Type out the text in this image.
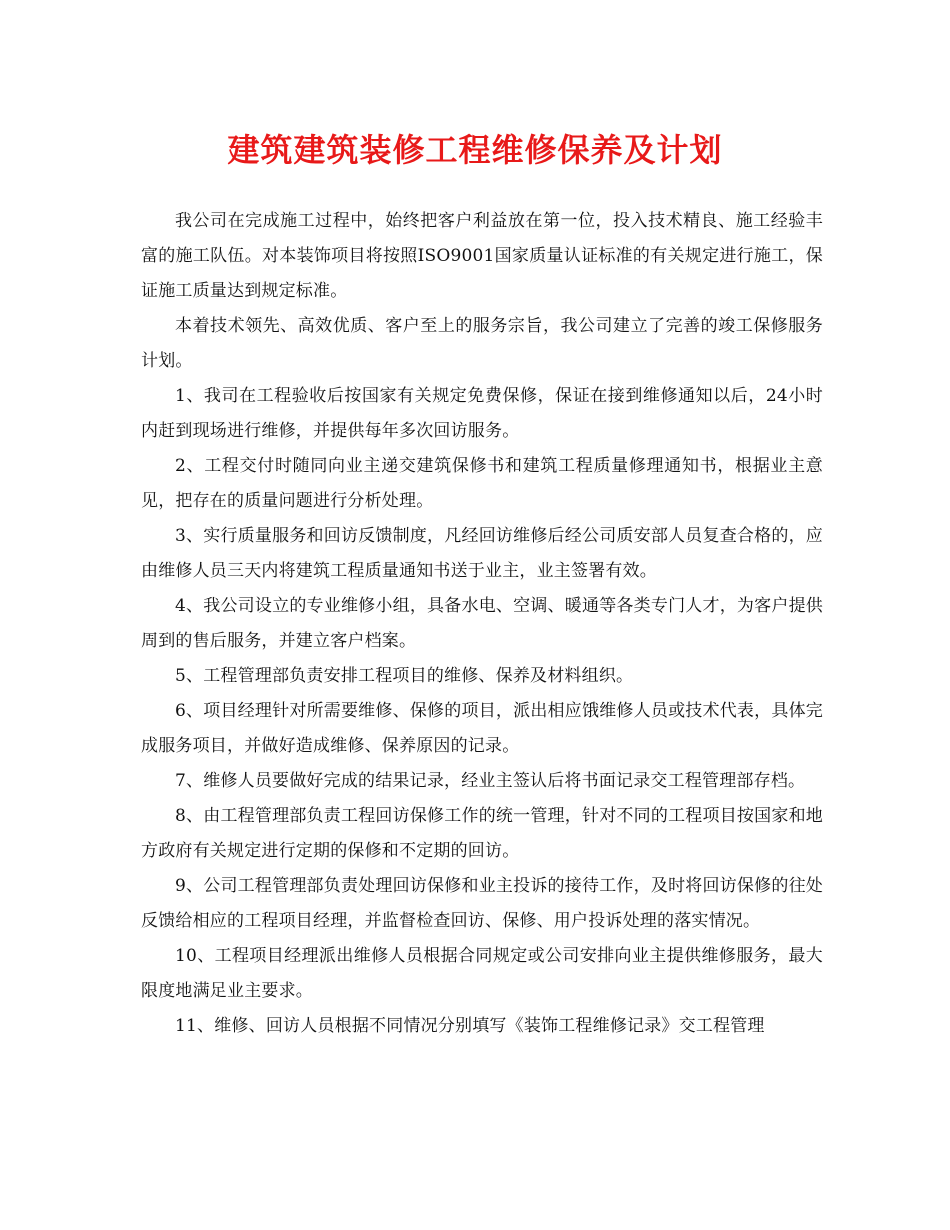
建筑建筑装修工程维修保养及计划

我公司在完成施工过程中，始终把客户利益放在第一位，投入技术精良、施工经验丰富的施工队伍。对本装饰项目将按照ISO9001国家质量认证标准的有关规定进行施工，保证施工质量达到规定标准。

本着技术领先、高效优质、客户至上的服务宗旨，我公司建立了完善的竣工保修服务计划。

1、我司在工程验收后按国家有关规定免费保修，保证在接到维修通知以后，24小时内赶到现场进行维修，并提供每年多次回访服务。

2、工程交付时随同向业主递交建筑保修书和建筑工程质量修理通知书，根据业主意见，把存在的质量问题进行分析处理。

3、实行质量服务和回访反馈制度，凡经回访维修后经公司质安部人员复查合格的，应由维修人员三天内将建筑工程质量通知书送于业主，业主签署有效。

4、我公司设立的专业维修小组，具备水电、空调、暖通等各类专门人才，为客户提供周到的售后服务，并建立客户档案。

5、工程管理部负责安排工程项目的维修、保养及材料组织。

6、项目经理针对所需要维修、保修的项目，派出相应饿维修人员或技术代表，具体完成服务项目，并做好造成维修、保养原因的记录。

7、维修人员要做好完成的结果记录，经业主签认后将书面记录交工程管理部存档。

8、由工程管理部负责工程回访保修工作的统一管理，针对不同的工程项目按国家和地方政府有关规定进行定期的保修和不定期的回访。

9、公司工程管理部负责处理回访保修和业主投诉的接待工作，及时将回访保修的往处反馈给相应的工程项目经理，并监督检查回访、保修、用户投诉处理的落实情况。

10、工程项目经理派出维修人员根据合同规定或公司安排向业主提供维修服务，最大限度地满足业主要求。

11、维修、回访人员根据不同情况分别填写《装饰工程维修记录》交工程管理
